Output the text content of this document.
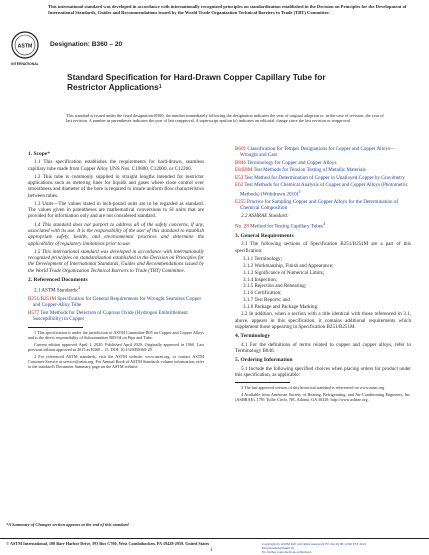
This international standard was developed in accordance with internationally recognized principles on standardization established in the Decision on Principles for the Development of International Standards, Guides and Recommendations issued by the World Trade Organization Technical Barriers to Trade (TBT) Committee.
ASTM
INTERNATIONAL
Designation: B360 – 20
Standard Specification for Hard-Drawn Copper Capillary Tube for Restrictor Applications$^1$
This standard is issued under the fixed designation B360; the number immediately following the designation indicates the year of original adoption or, in the case of revision, the year of last revision. A number in parentheses indicates the year of last reapproval. A superscript epsilon (ε) indicates an editorial change since the last revision or reapproval.
1. Scope*

1.1 This specification establishes the requirements for hard-drawn, seamless capillary tube made from Copper Alloy UNS Nos. C10800, C12000, or C12200.

1.2 This tube is commonly supplied in straight lengths intended for restrictor applications such as metering lines for liquids and gases where close control over smoothness and diameter of the bore is required to insure uniform flow characteristics between tubes.

1.3 Units—The values stated in inch-pound units are to be regarded as standard. The values given in parentheses are mathematical conversions to SI units that are provided for information only and are not considered standard.

1.4 This standard does not purport to address all of the safety concerns, if any, associated with its use. It is the responsibility of the user of this standard to establish appropriate safety, health, and environmental practices and determine the applicability of regulatory limitations prior to use.

1.5 This international standard was developed in accordance with internationally recognized principles on standardization established in the Decision on Principles for the Development of International Standards, Guides and Recommendations issued by the World Trade Organization Technical Barriers to Trade (TBT) Committee.

2. Referenced Documents

2.1 ASTM Standards:$^2$

B251/B251M Specification for General Requirements for Wrought Seamless Copper and Copper-Alloy Tube
B577 Test Methods for Detection of Cuprous Oxide (Hydrogen Embrittlement Susceptibility) in Copper

1 This specification is under the jurisdiction of ASTM Committee B05 on Copper and Copper Alloys and is the direct responsibility of Subcommittee B05.04 on Pipe and Tube.

Current edition approved April 1, 2020. Published April 2020. Originally approved in 1960. Last previous edition approved in 2015 as B360 – 15. DOI: 10.1520/B0360-20.

2 For referenced ASTM standards, visit the ASTM website, www.astm.org, or contact ASTM Customer Service at service@astm.org. For Annual Book of ASTM Standards volume information, refer to the standard's Document Summary page on the ASTM website.

B601 Classification for Temper Designations for Copper and Copper Alloys—Wrought and Cast
B846 Terminology for Copper and Copper Alloys
E8/E8M Test Methods for Tension Testing of Metallic Materials
E53 Test Method for Determination of Copper in Unalloyed Copper by Gravimetry
E62 Test Methods for Chemical Analysis of Copper and Copper Alloys (Photometric Methods) (Withdrawn 2010)$^3$
E255 Practice for Sampling Copper and Copper Alloys for the Determination of Chemical Composition

2.2 ASHRAE Standard:

No. 28 Method for Testing Capillary Tubes$^4$
3. General Requirements

3.1 The following sections of Specification B251/B251M are a part of this specification:

3.1.1 Terminology;
3.1.2 Workmanship, Finish and Appearance;
3.1.3 Significance of Numerical Limits;
3.1.4 Inspection;
3.1.5 Rejection and Rehearing;
3.1.6 Certification;
3.1.7 Test Reports; and
3.1.8 Package and Package Marking.

3.2 In addition, when a section with a title identical with those referenced in 3.1, above, appears in this specification, it contains additional requirements which supplement those appearing in Specification B251/B251M.

4. Terminology

4.1 For the definitions of terms related to copper and copper alloys, refer to Terminology B846.

5. Ordering Information

5.1 Include the following specified choices when placing orders for product under this specification, as applicable:

3 The last approved version of this historical standard is referenced on www.astm.org.

4 Available from American Society of Heating, Refrigerating, and Air-Conditioning Engineers, Inc. (ASHRAE), 1791 Tullie Circle, NE, Atlanta, GA 30329, http://www.ashrae.org.

*A Summary of Changes section appears at the end of this standard
© ASTM International, 100 Barr Harbor Drive, PO Box C700, West Conshohocken, PA 19428-2959. United States
1
Copyright by ASTM Int'l (all rights reserved); Fri Jan 29 00:12:00 EST 2021
Downloaded/printed by
No further reproductions authorized.
